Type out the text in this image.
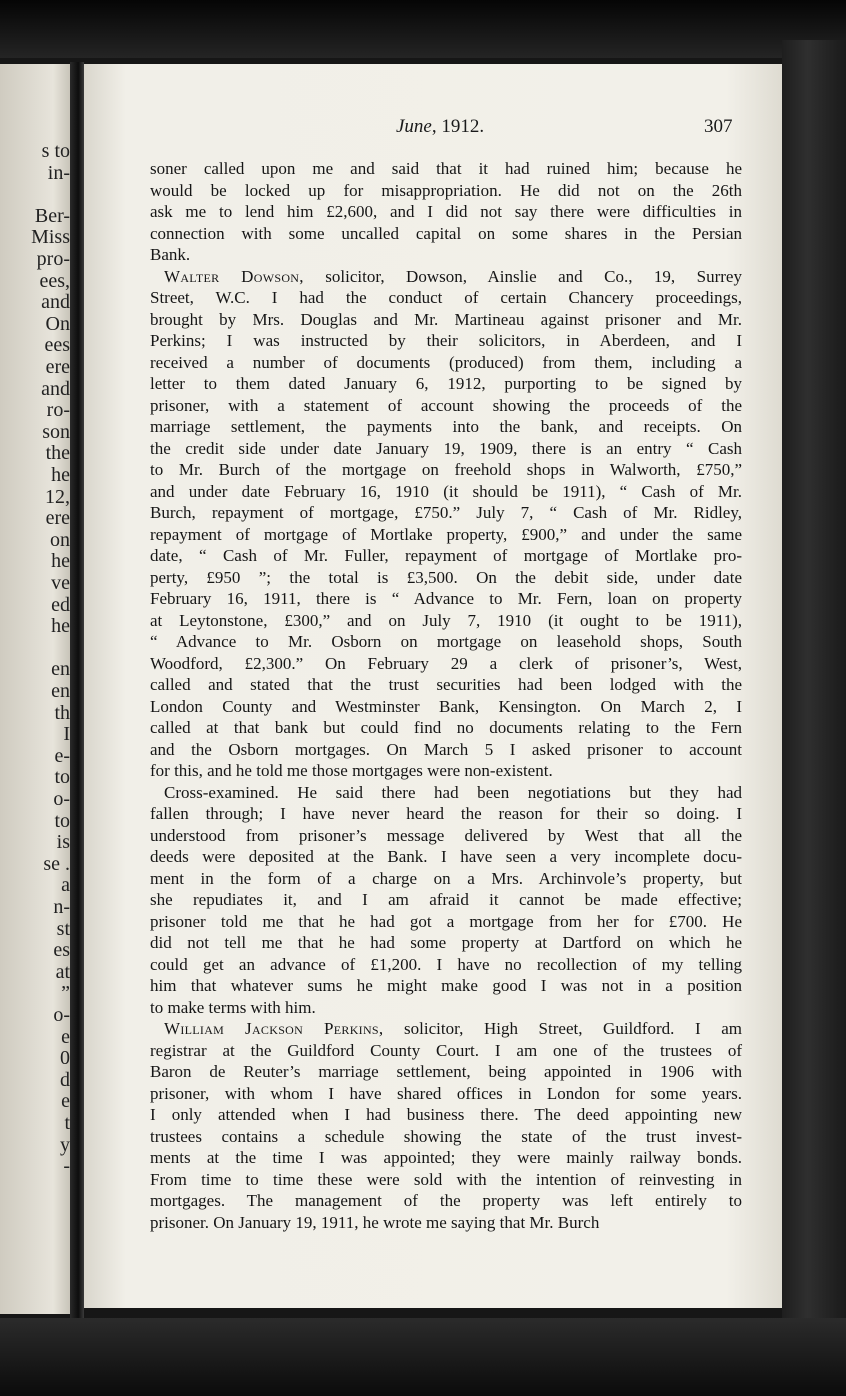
s to
in-
Ber-
Miss
pro-
ees,
and
On
ees
ere
and
ro-
son
the
he
12,
ere
on
he
ve
ed
he
en
en
th
I
e-
to
o-
to
is
se .
a
n-
st
es
at
”
o-
e
0
d
e
t
y
-
June, 1912.	307
soner called upon me and said that it had ruined him; because he
would be locked up for misappropriation. He did not on the 26th
ask me to lend him £2,600, and I did not say there were difficulties in
connection with some uncalled capital on some shares in the Persian
Bank.
Walter Dowson, solicitor, Dowson, Ainslie and Co., 19, Surrey
Street, W.C. I had the conduct of certain Chancery proceedings,
brought by Mrs. Douglas and Mr. Martineau against prisoner and Mr.
Perkins; I was instructed by their solicitors, in Aberdeen, and I
received a number of documents (produced) from them, including a
letter to them dated January 6, 1912, purporting to be signed by
prisoner, with a statement of account showing the proceeds of the
marriage settlement, the payments into the bank, and receipts. On
the credit side under date January 19, 1909, there is an entry “ Cash
to Mr. Burch of the mortgage on freehold shops in Walworth, £750,”
and under date February 16, 1910 (it should be 1911), “ Cash of Mr.
Burch, repayment of mortgage, £750.” July 7, “ Cash of Mr. Ridley,
repayment of mortgage of Mortlake property, £900,” and under the same
date, “ Cash of Mr. Fuller, repayment of mortgage of Mortlake pro-
perty, £950 ”; the total is £3,500. On the debit side, under date
February 16, 1911, there is “ Advance to Mr. Fern, loan on property
at Leytonstone, £300,” and on July 7, 1910 (it ought to be 1911),
“ Advance to Mr. Osborn on mortgage on leasehold shops, South
Woodford, £2,300.” On February 29 a clerk of prisoner’s, West,
called and stated that the trust securities had been lodged with the
London County and Westminster Bank, Kensington. On March 2, I
called at that bank but could find no documents relating to the Fern
and the Osborn mortgages. On March 5 I asked prisoner to account
for this, and he told me those mortgages were non-existent.
Cross-examined. He said there had been negotiations but they had
fallen through; I have never heard the reason for their so doing. I
understood from prisoner’s message delivered by West that all the
deeds were deposited at the Bank. I have seen a very incomplete docu-
ment in the form of a charge on a Mrs. Archinvole’s property, but
she repudiates it, and I am afraid it cannot be made effective;
prisoner told me that he had got a mortgage from her for £700. He
did not tell me that he had some property at Dartford on which he
could get an advance of £1,200. I have no recollection of my telling
him that whatever sums he might make good I was not in a position
to make terms with him.
William Jackson Perkins, solicitor, High Street, Guildford. I am
registrar at the Guildford County Court. I am one of the trustees of
Baron de Reuter’s marriage settlement, being appointed in 1906 with
prisoner, with whom I have shared offices in London for some years.
I only attended when I had business there. The deed appointing new
trustees contains a schedule showing the state of the trust invest-
ments at the time I was appointed; they were mainly railway bonds.
From time to time these were sold with the intention of reinvesting in
mortgages. The management of the property was left entirely to
prisoner. On January 19, 1911, he wrote me saying that Mr. Burch
